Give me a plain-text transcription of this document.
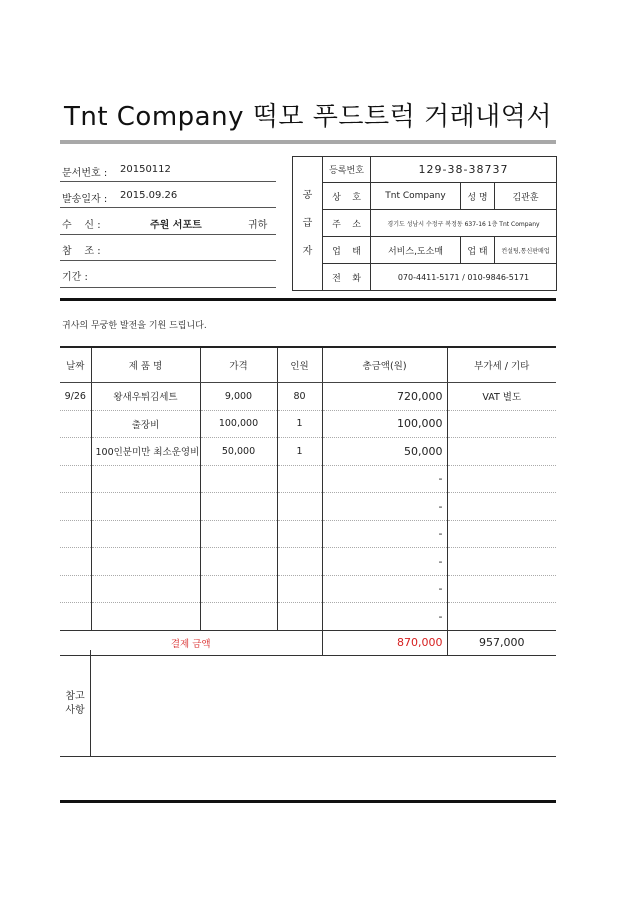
Tnt Company 떡모 푸드트럭 거래내역서
문서번호 : 20150112
발송일자 : 2015.09.26
수    신 :	주원 서포트	귀하
참    조 :
기간 :
공
급
자	등록번호	129-38-38737		
	상    호	Tnt Company	성 명	김관훈
	주    소	경기도 성남시 수정구 복정동 637-16 1층 Tnt Company		
	업    태	서비스,도소매	업 태	컨설팅,통신판매업
	전    화	070-4411-5171 / 010-9846-5171		
귀사의 무궁한 발전을 기원 드립니다.
날짜	제 품 명	가격	인원	총금액(원)	부가세 / 기타
9/26	왕새우튀김세트	9,000	80	720,000	VAT 별도
	출장비	100,000	1	100,000	
	100인분미만 최소운영비	50,000	1	50,000	
				-	
				-	
				-	
				-	
				-	
				-	
결제 금액				870,000	957,000
참고
사항
